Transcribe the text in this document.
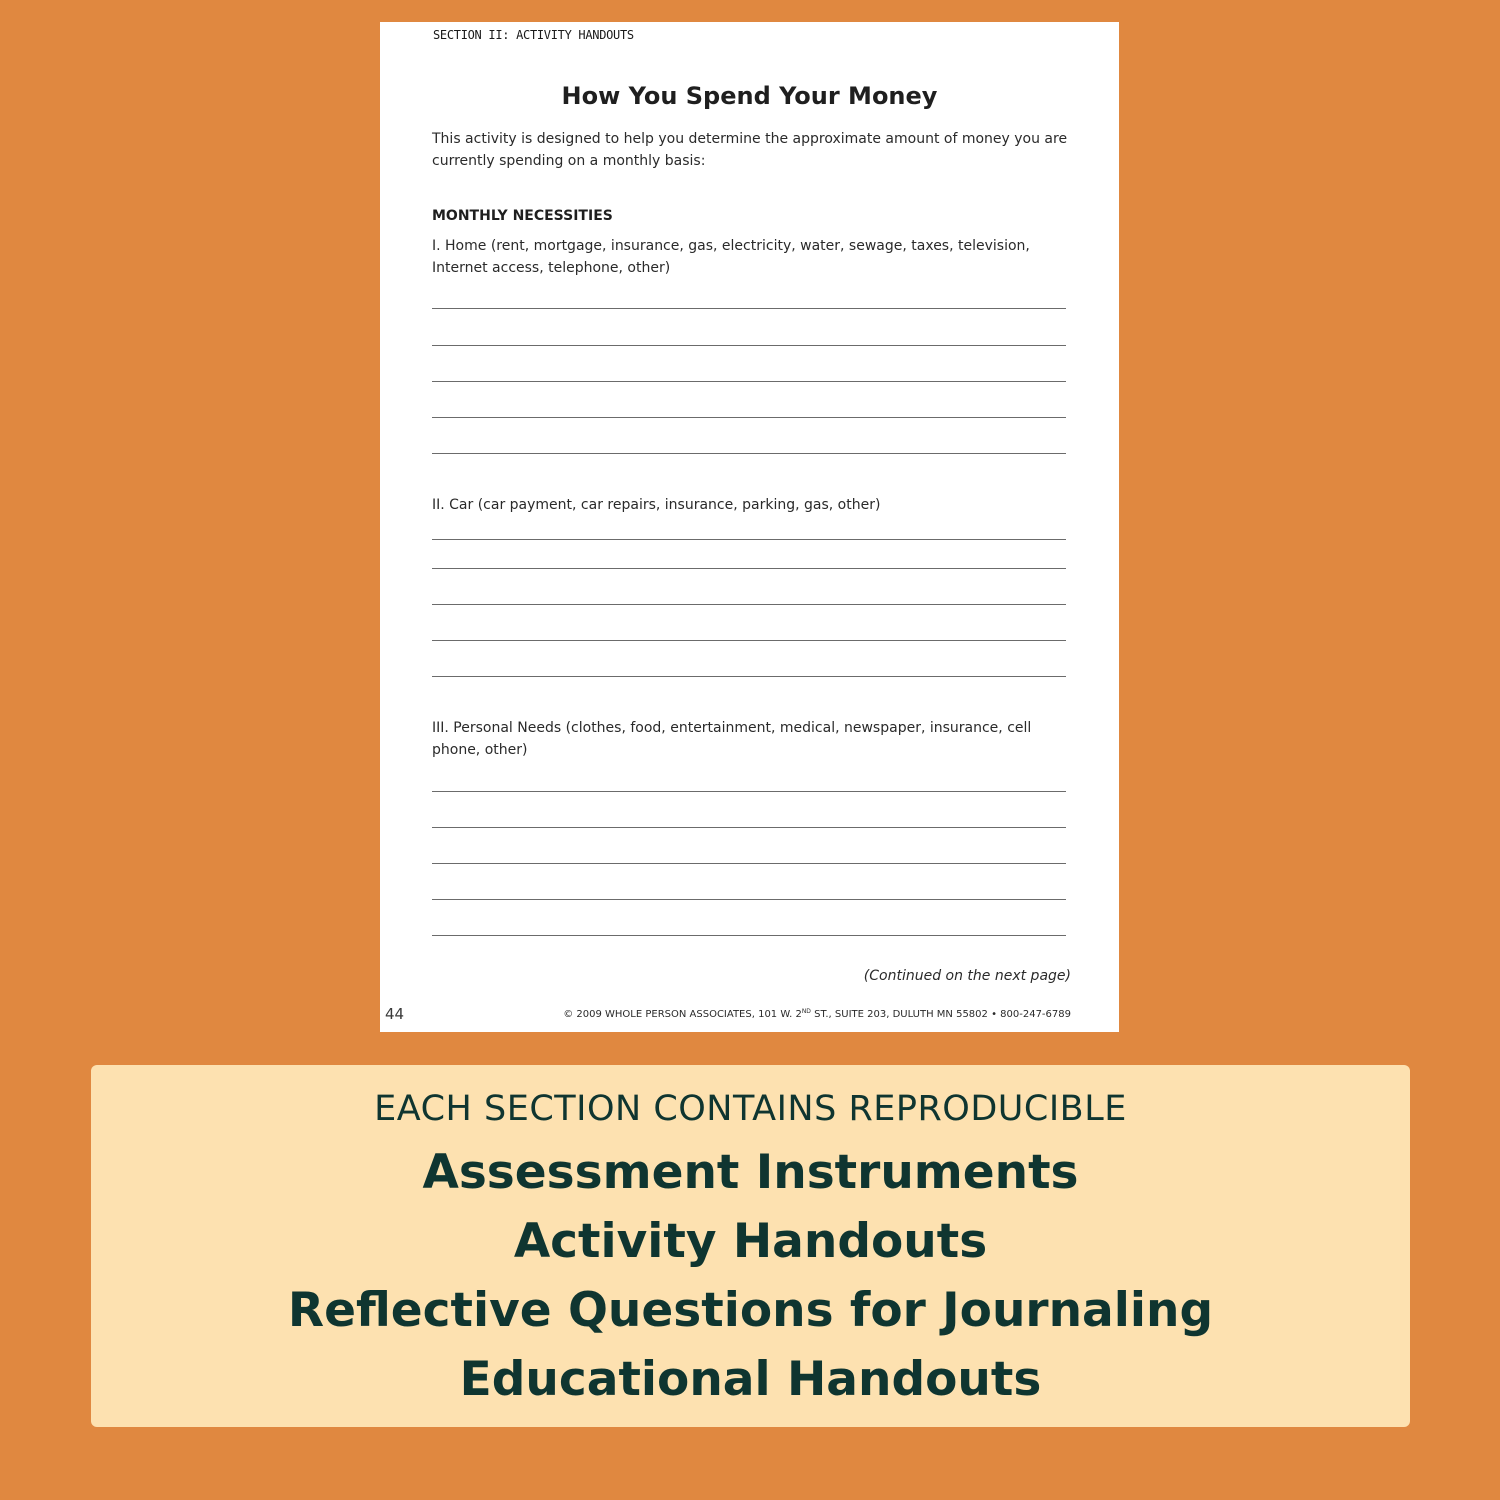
SECTION II: ACTIVITY HANDOUTS
How You Spend Your Money
This activity is designed to help you determine the approximate amount of money you are currently spending on a monthly basis:
MONTHLY NECESSITIES
I. Home (rent, mortgage, insurance, gas, electricity, water, sewage, taxes, television, Internet access, telephone, other)
II. Car (car payment, car repairs, insurance, parking, gas, other)
III. Personal Needs (clothes, food, entertainment, medical, newspaper, insurance, cell phone, other)
(Continued on the next page)
44	© 2009 WHOLE PERSON ASSOCIATES, 101 W. 2ND ST., SUITE 203, DULUTH MN 55802 • 800-247-6789
EACH SECTION CONTAINS REPRODUCIBLE
Assessment Instruments
Activity Handouts
Reflective Questions for Journaling
Educational Handouts
